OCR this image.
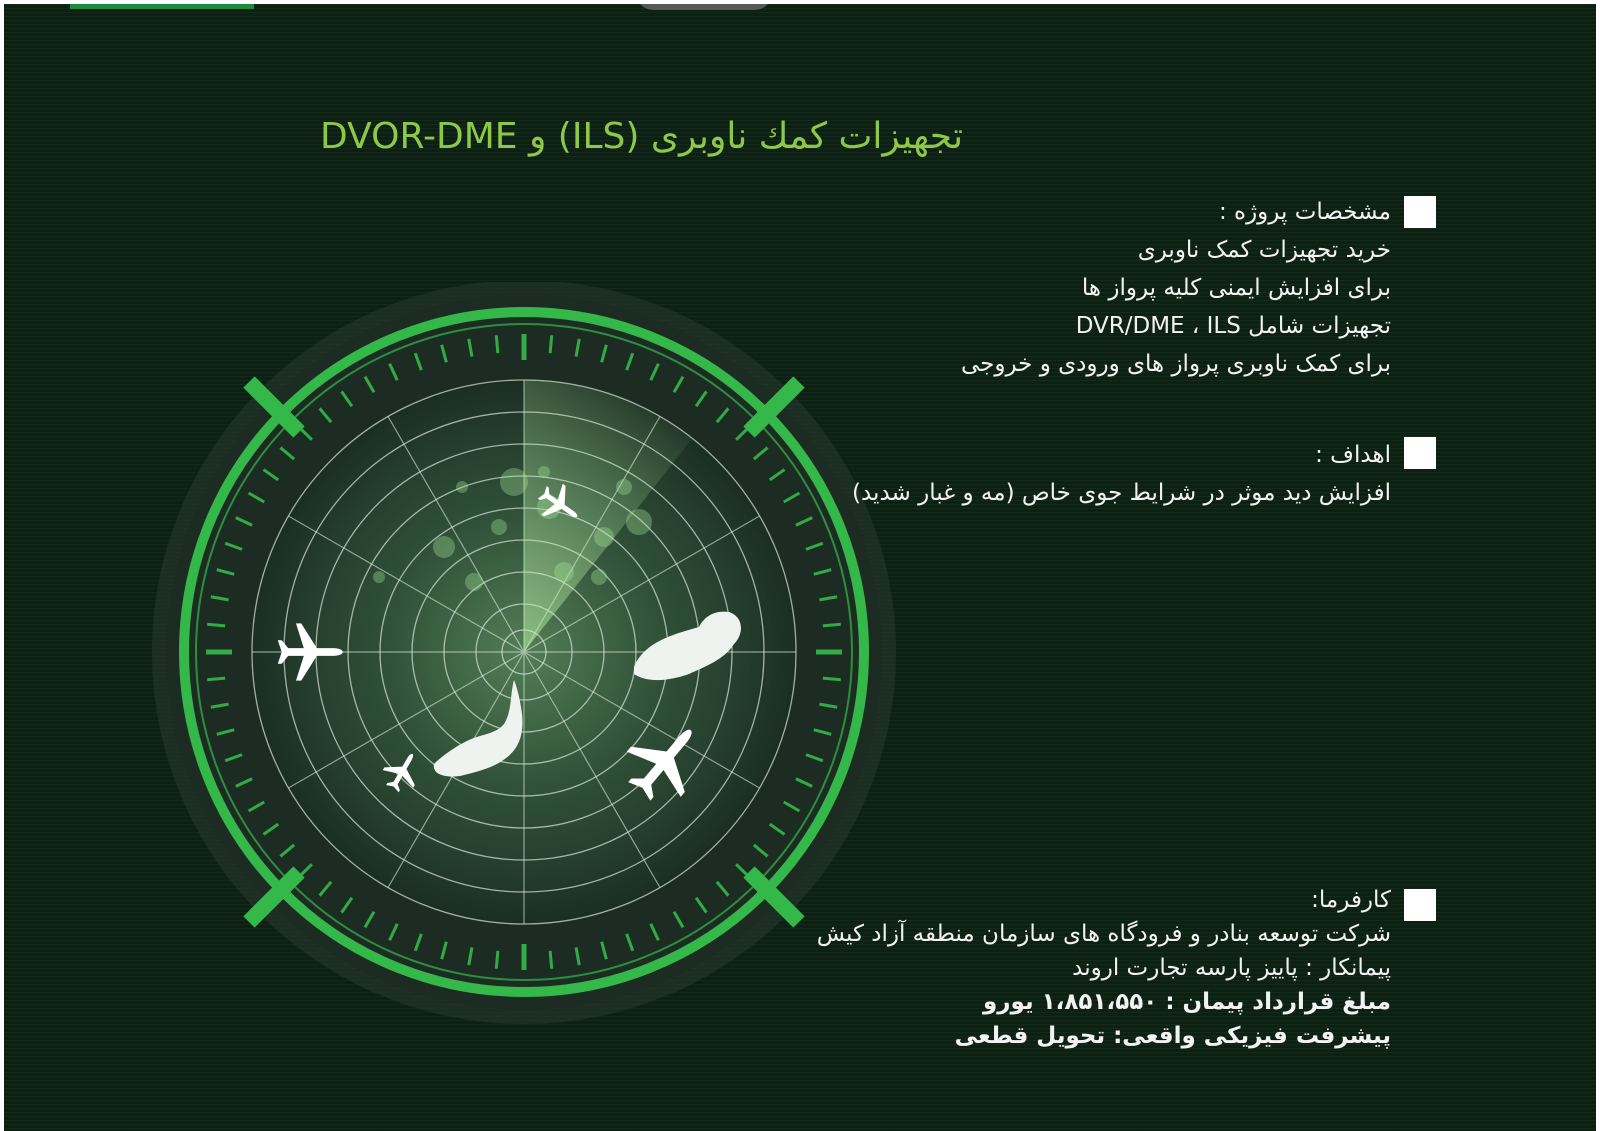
تجهیزات کمك ناوبری (ILS) و DVOR-DME
مشخصات پروژه :
خرید تجهیزات کمک ناوبری
برای افزایش ایمنی کلیه پرواز ها
تجهیزات شامل DVR/DME ، ILS
برای کمک ناوبری پرواز های ورودی و خروجی
اهداف :
افزایش دید موثر در شرایط جوی خاص (مه و غبار شدید)
کارفرما:
شرکت توسعه بنادر و فرودگاه های سازمان منطقه آزاد کیش
پیمانکار : پاییز پارسه تجارت اروند
مبلغ قرارداد پیمان : ۱،۸۵۱،۵۵۰ یورو
پیشرفت فیزیکی واقعی: تحویل قطعی
